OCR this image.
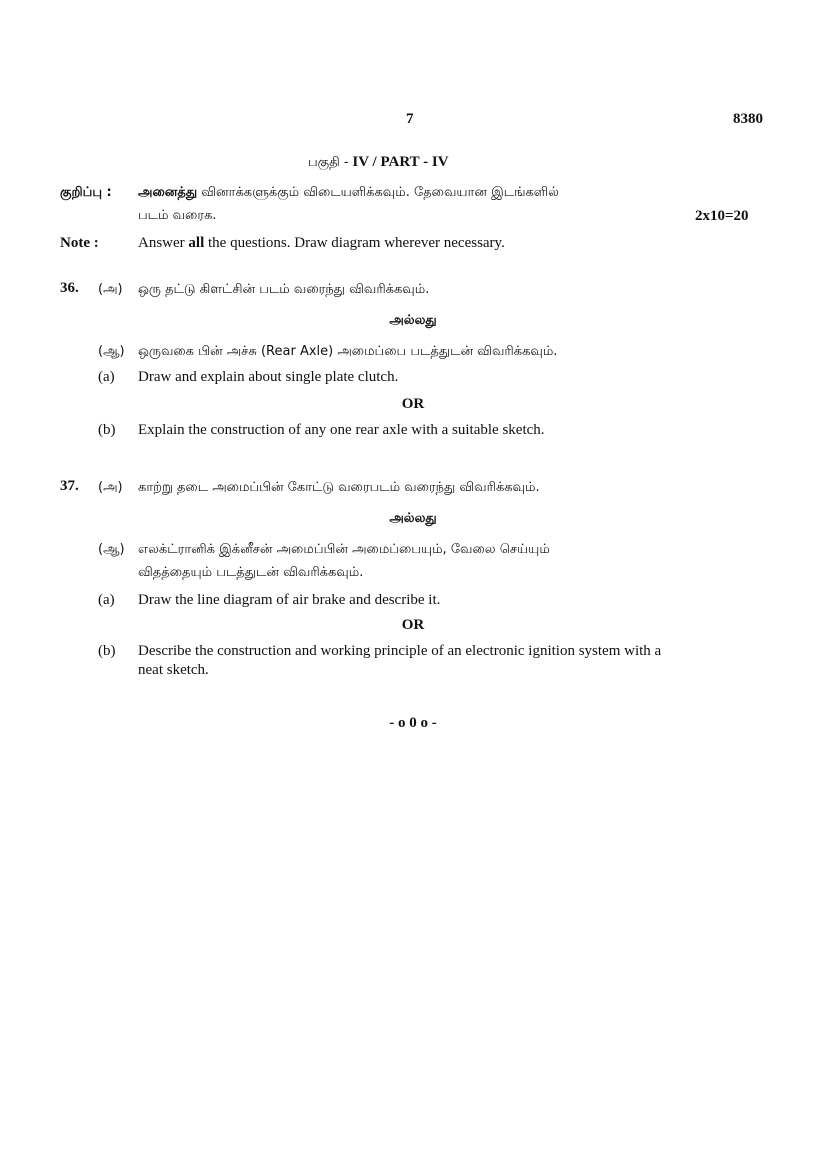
7	8380
பகுதி - IV / PART - IV
குறிப்பு : அனைத்து வினாக்களுக்கும் விடையளிக்கவும். தேவையான இடங்களில்
படம் வரைக.	2x10=20
Note :	Answer all the questions. Draw diagram wherever necessary.
36. (அ) ஒரு தட்டு கிளட்சின் படம் வரைந்து விவரிக்கவும்.
அல்லது
(ஆ) ஒருவகை பின் அச்சு (Rear Axle) அமைப்பை படத்துடன் விவரிக்கவும்.
(a) Draw and explain about single plate clutch.
OR
(b) Explain the construction of any one rear axle with a suitable sketch.
37. (அ) காற்று தடை அமைப்பின் கோட்டு வரைபடம் வரைந்து விவரிக்கவும்.
அல்லது
(ஆ) எலக்ட்ரானிக் இக்னீசன் அமைப்பின் அமைப்பையும், வேலை செய்யும்
விதத்தையும் படத்துடன் விவரிக்கவும்.
(a) Draw the line diagram of air brake and describe it.
OR
(b) Describe the construction and working principle of an electronic ignition system with a
neat sketch.
- o 0 o -
